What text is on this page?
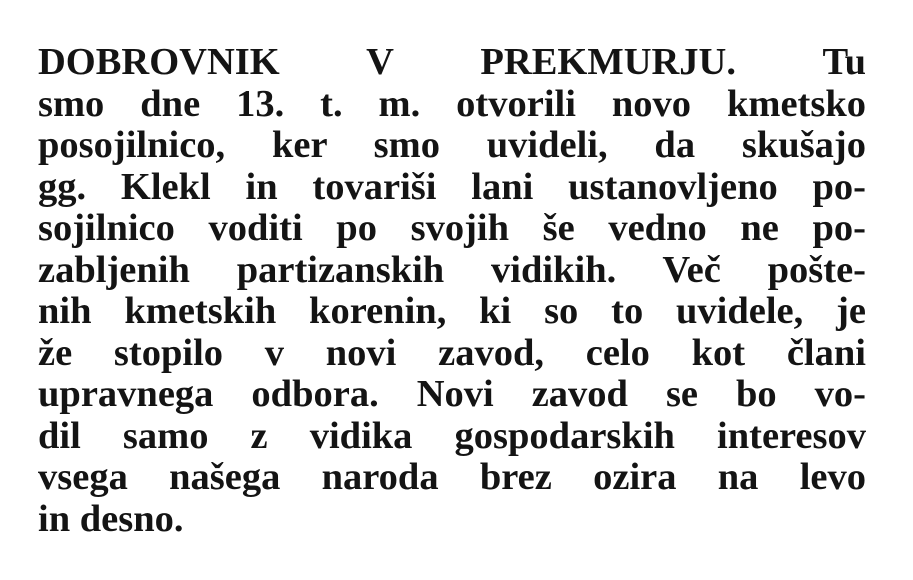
DOBROVNIK V PREKMURJU. Tu
smo dne 13. t. m. otvorili novo kmetsko
posojilnico, ker smo uvideli, da skušajo
gg. Klekl in tovariši lani ustanovljeno po-
sojilnico voditi po svojih še vedno ne po-
zabljenih partizanskih vidikih. Več pošte-
nih kmetskih korenin, ki so to uvidele, je
že stopilo v novi zavod, celo kot člani
upravnega odbora. Novi zavod se bo vo-
dil samo z vidika gospodarskih interesov
vsega našega naroda brez ozira na levo
in desno.
